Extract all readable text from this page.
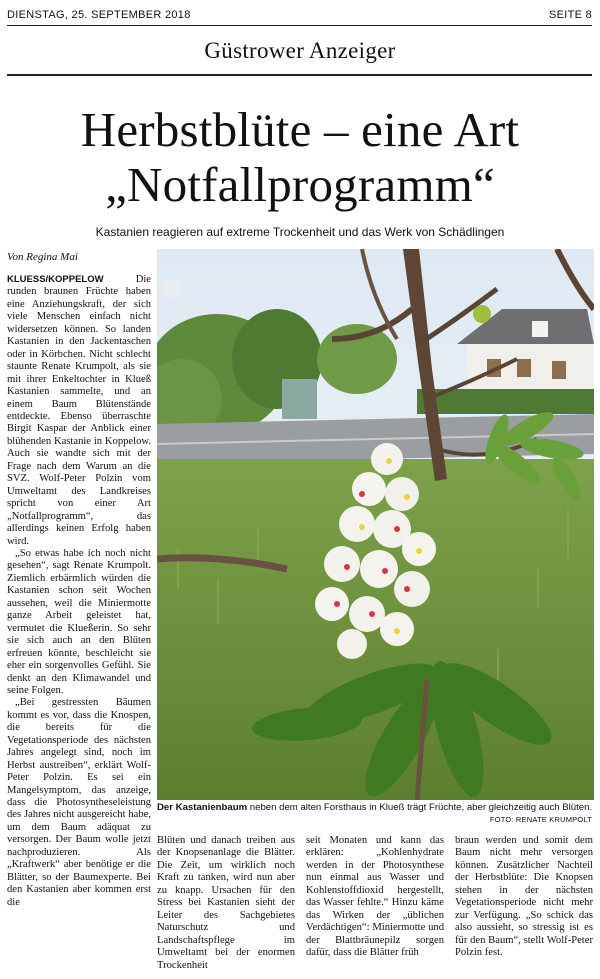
DIENSTAG, 25. SEPTEMBER 2018	SEITE 8
Güstrower Anzeiger
Herbstblüte – eine Art
„Notfallprogramm“
Kastanien reagieren auf extreme Trockenheit und das Werk von Schädlingen
Von Regina Mai

KLUESS/KOPPELOW	Die runden braunen Früchte haben eine Anziehungskraft, der sich viele Menschen einfach nicht widersetzen können. So landen Kastanien in den Jackentaschen oder in Körbchen. Nicht schlecht staunte Renate Krumpolt, als sie mit ihrer Enkeltochter in Klueß Kastanien sammelte, und an einem Baum Blütenstände entdeckte. Ebenso überraschte Birgit Kaspar der Anblick einer blühenden Kastanie in Koppelow. Auch sie wandte sich mit der Frage nach dem Warum an die SVZ. Wolf-Peter Polzin vom Umweltamt des Landkreises spricht von einer Art „Notfallprogramm“, das allerdings keinen Erfolg haben wird.

„So etwas habe ich noch nicht gesehen“, sagt Renate Krumpolt. Ziemlich erbärmlich würden die Kastanien schon seit Wochen aussehen, weil die Miniermotte ganze Arbeit geleistet hat, vermutet die Klueßerin. So sehr sie sich auch an den Blüten erfreuen könnte, beschleicht sie eher ein sorgenvolles Gefühl. Sie denkt an den Klimawandel und seine Folgen.

„Bei gestressten Bäumen kommt es vor, dass die Knospen, die bereits für die Vegetationsperiode des nächsten Jahres angelegt sind, noch im Herbst austreiben“, erklärt Wolf-Peter Polzin. Es sei ein Mangelsymptom, das anzeige, dass die Photosyntheseleistung des Jahres nicht ausgereicht habe, um dem Baum adäquat zu versorgen. Der Baum wolle jetzt nachproduzieren. Als „Kraftwerk“ aber benötige er die Blätter, so der Baumexperte. Bei den Kastanien aber kommen erst die

Der Kastanienbaum neben dem alten Forsthaus in Klueß trägt Früchte, aber gleichzeitig auch Blüten.
FOTO: RENATE KRUMPOLT

Blüten und danach treiben aus der Knopsenanlage die Blätter. Die Zeit, um wirklich noch Kraft zu tanken, wird nun aber zu knapp. Ursachen für den Stress bei Kastanien sieht der Leiter des Sachgebietes Naturschutz und Landschaftspflege im Umweltamt bei der enormen Trockenheit

seit Monaten und kann das erklären: „Kohlenhydrate werden in der Photosynthese nun einmal aus Wasser und Kohlenstoffdioxid hergestellt, das Wasser fehlte.“ Hinzu käme das Wirken der „üblichen Verdächtigen“: Miniermotte und der Blattbräunepilz sorgen dafür, dass die Blätter früh

braun werden und somit dem Baum nicht mehr versorgen können. Zusätzlicher Nachteil der Herbstblüte: Die Knopsen stehen in der nächsten Vegetationsperiode nicht mehr zur Verfügung. „So schick das also aussieht, so stressig ist es für den Baum“, stellt Wolf-Peter Polzin fest.
